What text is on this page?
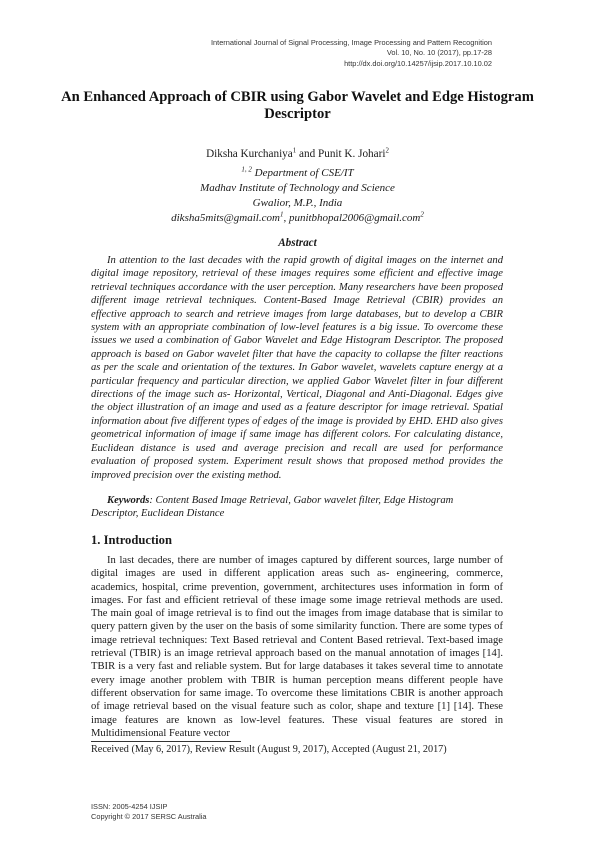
International Journal of Signal Processing, Image Processing and Pattern Recognition
Vol. 10, No. 10 (2017), pp.17-28
http://dx.doi.org/10.14257/ijsip.2017.10.10.02
An Enhanced Approach of CBIR using Gabor Wavelet and Edge Histogram Descriptor
Diksha Kurchaniya$^1$ and Punit K. Johari$^2$
$^{1, 2}$ Department of CSE/IT
Madhav Institute of Technology and Science
Gwalior, M.P., India
diksha5mits@gmail.com$^1$, punitbhopal2006@gmail.com$^2$
Abstract

In attention to the last decades with the rapid growth of digital images on the internet and digital image repository, retrieval of these images requires some efficient and effective image retrieval techniques accordance with the user perception. Many researchers have been proposed different image retrieval techniques. Content-Based Image Retrieval (CBIR) provides an effective approach to search and retrieve images from large databases, but to develop a CBIR system with an appropriate combination of low-level features is a big issue. To overcome these issues we used a combination of Gabor Wavelet and Edge Histogram Descriptor. The proposed approach is based on Gabor wavelet filter that have the capacity to collapse the filter reactions as per the scale and orientation of the textures. In Gabor wavelet, wavelets capture energy at a particular frequency and particular direction, we applied Gabor Wavelet filter in four different directions of the image such as- Horizontal, Vertical, Diagonal and Anti-Diagonal. Edges give the object illustration of an image and used as a feature descriptor for image retrieval. Spatial information about five different types of edges of the image is provided by EHD. EHD also gives geometrical information of image if same image has different colors. For calculating distance, Euclidean distance is used and average precision and recall are used for performance evaluation of proposed system. Experiment result shows that proposed method provides the improved precision over the existing method.

Keywords: Content Based Image Retrieval, Gabor wavelet filter, Edge Histogram Descriptor, Euclidean Distance

1. Introduction

In last decades, there are number of images captured by different sources, large number of digital images are used in different application areas such as- engineering, commerce, academics, hospital, crime prevention, government, architectures uses information in form of images. For fast and efficient retrieval of these image some image retrieval methods are used. The main goal of image retrieval is to find out the images from image database that is similar to query pattern given by the user on the basis of some similarity function. There are some types of image retrieval techniques: Text Based retrieval and Content Based retrieval. Text-based image retrieval (TBIR) is an image retrieval approach based on the manual annotation of images [14]. TBIR is a very fast and reliable system. But for large databases it takes several time to annotate every image another problem with TBIR is human perception means different people have different observation for same image. To overcome these limitations CBIR is another approach of image retrieval based on the visual feature such as color, shape and texture [1] [14]. These image features are known as low-level features. These visual features are stored in Multidimensional Feature vector

Received (May 6, 2017), Review Result (August 9, 2017), Accepted (August 21, 2017)
ISSN: 2005-4254 IJSIP
Copyright © 2017 SERSC Australia
